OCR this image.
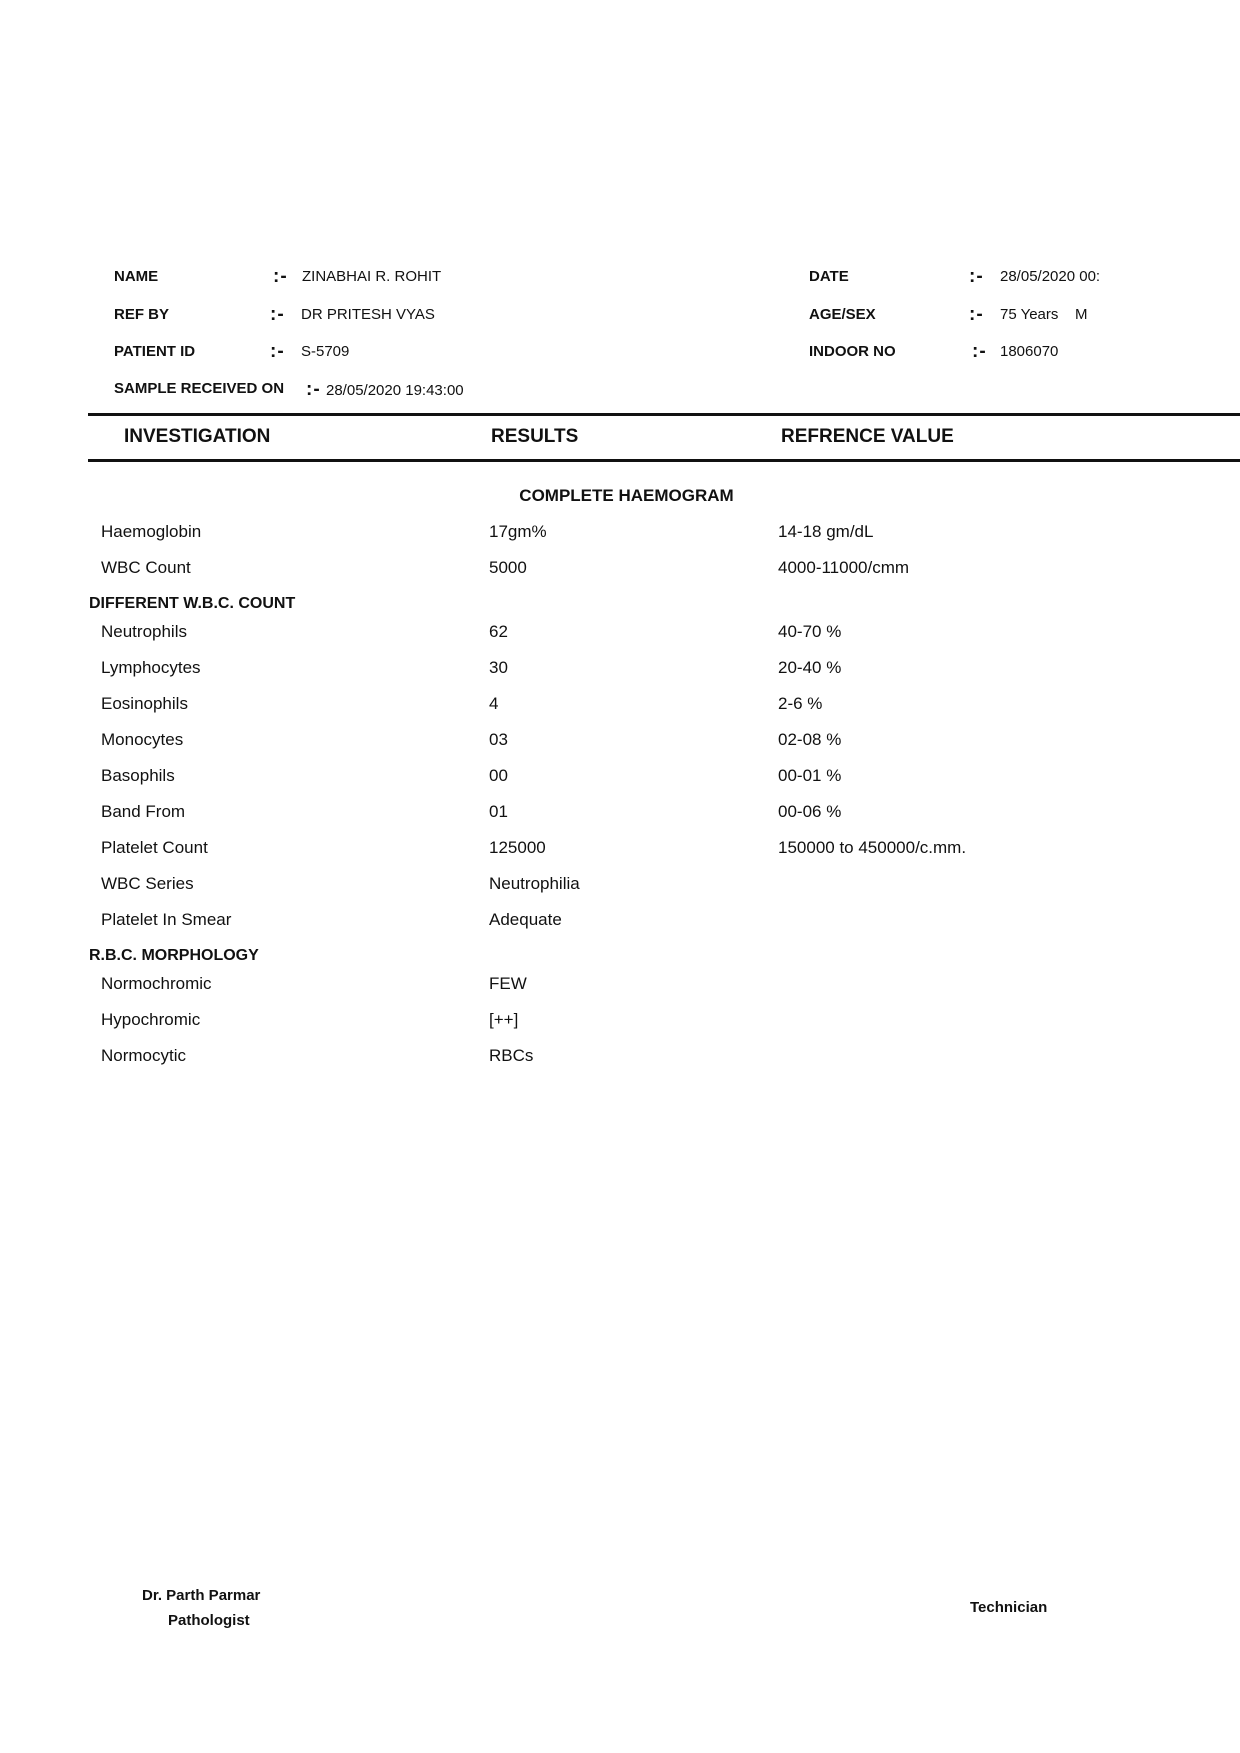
NAME	:- ZINABHAI R. ROHIT
REF BY	:- DR PRITESH VYAS
PATIENT ID	:- S-5709
SAMPLE RECEIVED ON :- 28/05/2020 19:43:00
DATE	:- 28/05/2020 00:
AGE/SEX	:- 75 Years    M
INDOOR NO	:- 1806070
INVESTIGATION	RESULTS	REFRENCE VALUE
COMPLETE HAEMOGRAM
Haemoglobin	17gm%	14-18 gm/dL
WBC Count	5000	4000-11000/cmm
DIFFERENT W.B.C. COUNT
Neutrophils	62	40-70 %
Lymphocytes	30	20-40 %
Eosinophils	4	2-6 %
Monocytes	03	02-08 %
Basophils	00	00-01 %
Band From	01	00-06 %
Platelet Count	125000	150000 to 450000/c.mm.
WBC Series	Neutrophilia
Platelet In Smear	Adequate
R.B.C. MORPHOLOGY
Normochromic	FEW
Hypochromic	[++]
Normocytic	RBCs
Dr. Parth Parmar
Pathologist
Technician
